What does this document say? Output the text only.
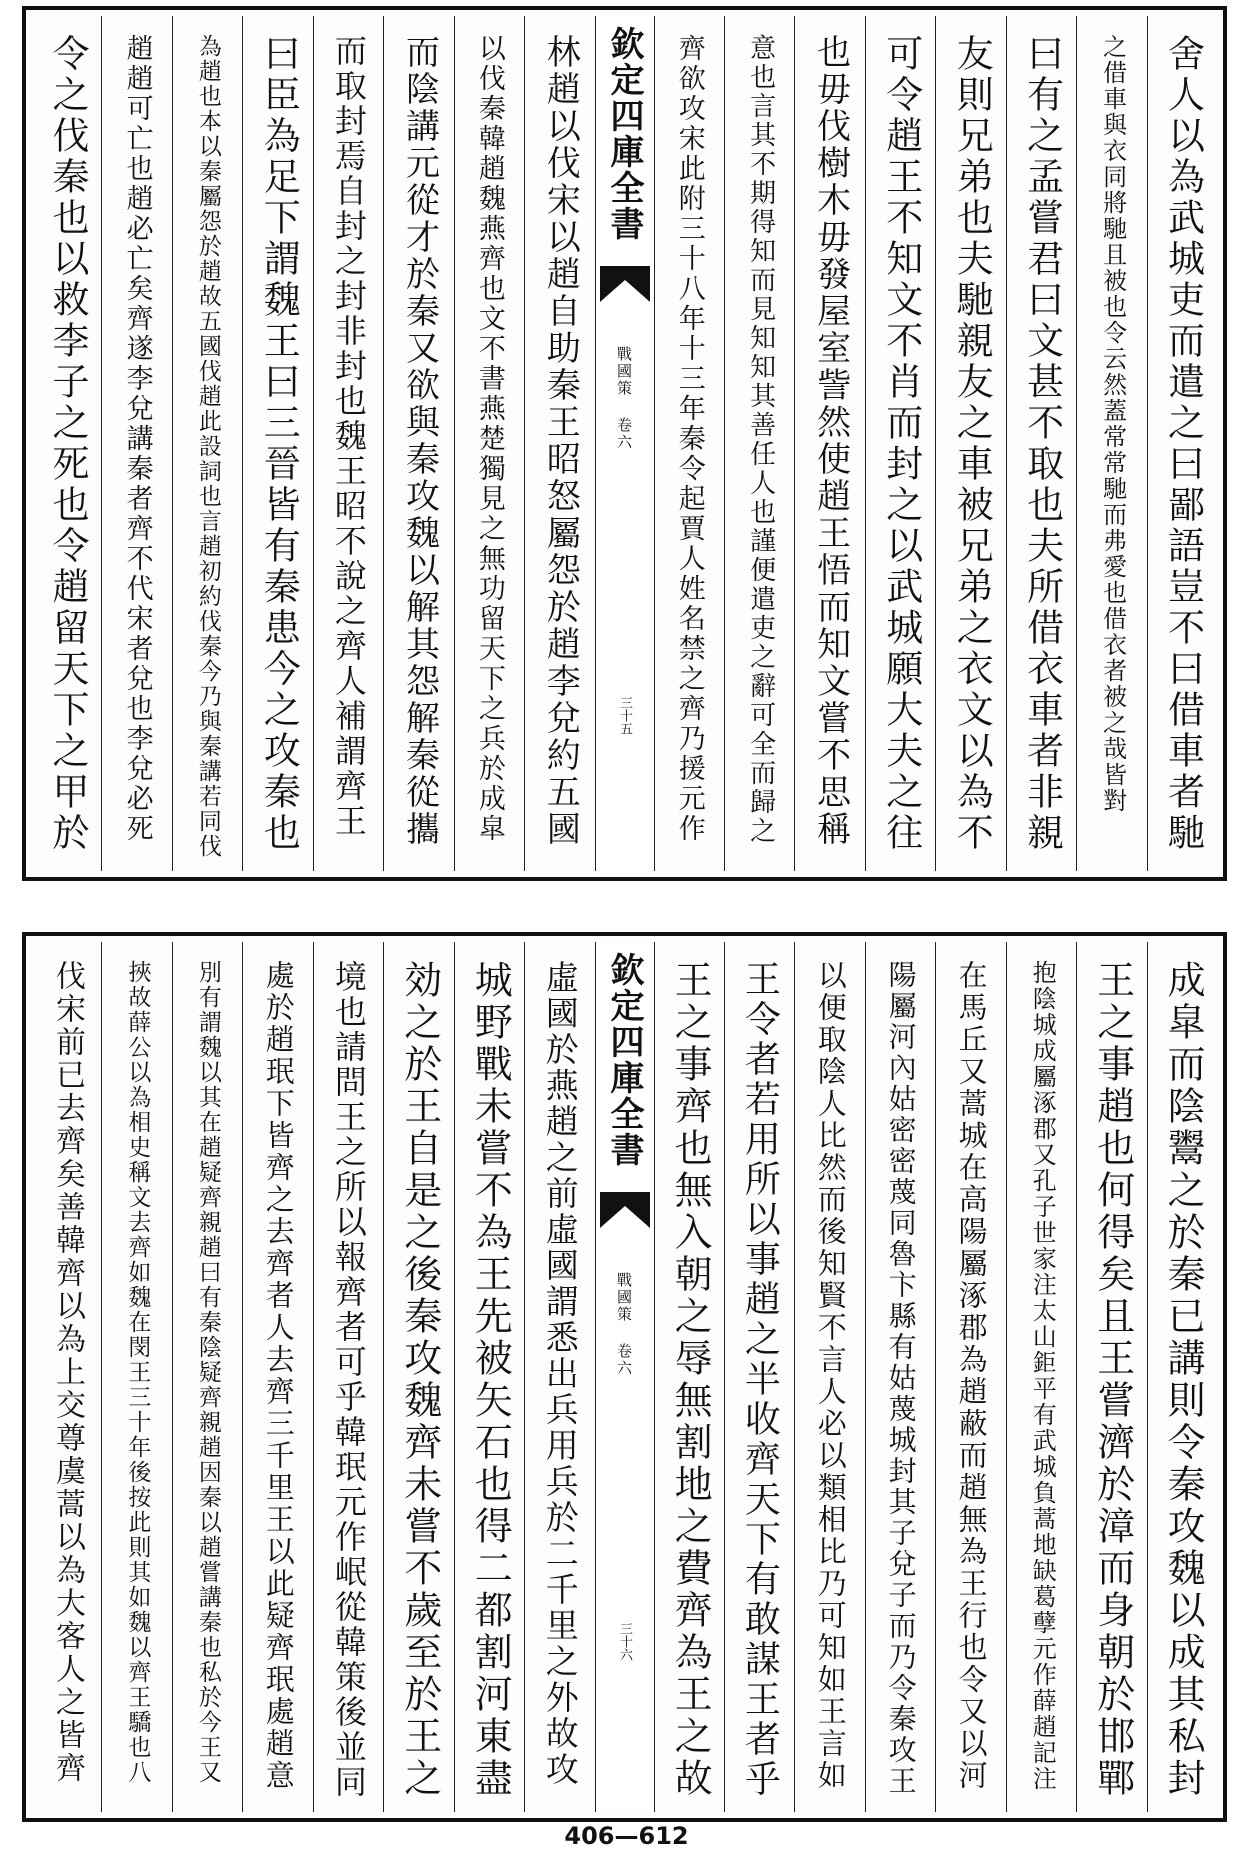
舍人以為武城吏而遣之曰鄙語豈不曰借車者馳
之借車與衣同將馳且被也令云然蓋常常馳而弗愛也借衣者被之哉皆對
曰有之孟嘗君曰文甚不取也夫所借衣車者非親
友則兄弟也夫馳親友之車被兄弟之衣文以為不
可令趙王不知文不肖而封之以武城願大夫之往
也毋伐樹木毋發屋室訾然使趙王悟而知文嘗不思稱
意也言其不期得知而見知知其善任人也謹便遣吏之辭可全而歸之
齊欲攻宋此附三十八年十三年秦令起賈人姓名禁之齊乃援元作
欽定四庫全書
戰國策 卷六
三十五
林趙以伐宋以趙自助秦王昭怒屬怨於趙李兌約五國
以伐秦韓趙魏燕齊也文不書燕楚獨見之無功留天下之兵於成皐
而陰講元從才於秦又欲與秦攻魏以解其怨解秦從攜
而取封焉自封之封非封也魏王昭不說之齊人補謂齊王
曰臣為足下謂魏王曰三晉皆有秦患今之攻秦也
為趙也本以秦屬怨於趙故五國伐趙此設詞也言趙初約伐秦今乃與秦講若同伐
趙趙可亡也趙必亡矣齊遂李兌講秦者齊不代宋者兌也李兌必死
令之伐秦也以救李子之死也令趙留天下之甲於
成皐而陰鬻之於秦已講則令秦攻魏以成其私封
王之事趙也何得矣且王嘗濟於漳而身朝於邯鄲
抱陰城成屬涿郡又孔子世家注太山鉅平有武城負蒿地缺葛孽元作薛趙記注
在馬丘又蒿城在高陽屬涿郡為趙蔽而趙無為王行也令又以河
陽屬河內姑密密蔑同魯卞縣有姑蔑城封其子兌子而乃令秦攻王
以便取陰人比然而後知賢不言人必以類相比乃可知如王言如
王令者若用所以事趙之半收齊天下有敢謀王者乎
王之事齊也無入朝之辱無割地之費齊為王之故
欽定四庫全書
戰國策 卷六
三十六
虛國於燕趙之前虛國謂悉出兵用兵於二千里之外故攻
城野戰未嘗不為王先被矢石也得二都割河東盡
効之於王自是之後秦攻魏齊未嘗不歲至於王之
境也請問王之所以報齊者可乎韓珉元作岷從韓策後並同
處於趙珉下皆齊之去齊者人去齊三千里王以此疑齊珉處趙意
別有謂魏以其在趙疑齊親趙曰有秦陰疑齊親趙因秦以趙嘗講秦也私於今王又
挾故薛公以為相史稱文去齊如魏在閔王三十年後按此則其如魏以齊王驕也八
伐宋前已去齊矣善韓齊以為上交尊虞蒿以為大客人之皆齊
406—612
